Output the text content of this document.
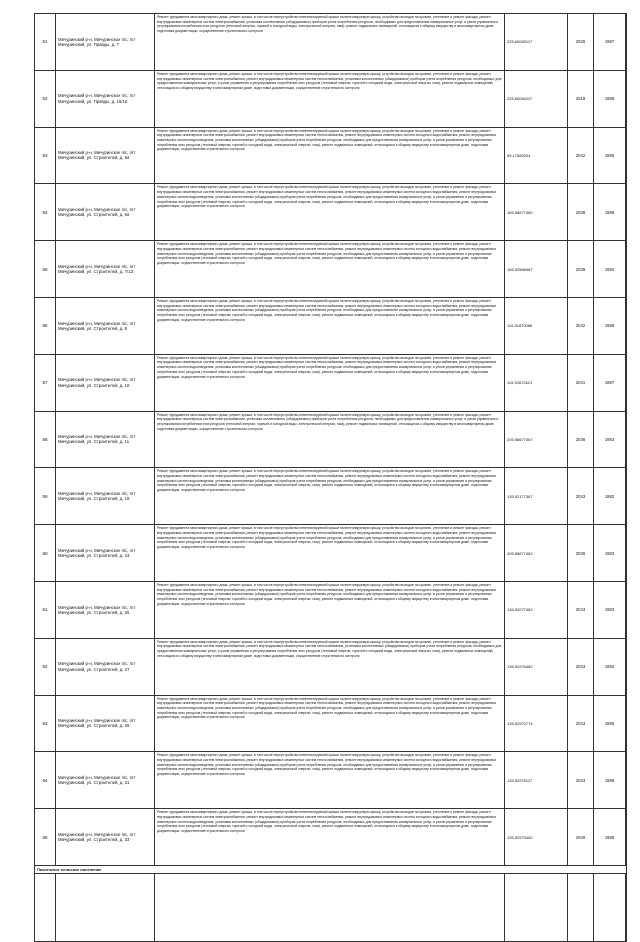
51	Мичуринский р-н, Мичуринское п/с, пгт Мичуринский, ул. Правды, д. 7	Ремонт фундамента многоквартирного дома, ремонт крыши, в том числе переустройство невентилируемой крыши на вентилируемую крышу, устройство выходов на кровлю, утепление и ремонт фасада, ремонт внутридомовых инженерных систем электроснабжения, установка коллективных (общедомовых) приборов учета потребления ресурсов, необходимых для предоставления коммунальных услуг, и узлов управления и регулирования потребления этих ресурсов (тепловой энергии, горячей и холодной воды, электрической энергии, газа), ремонт подвальных помещений, относящихся к общему имуществу в многоквартирном доме, подготовка документации, осуществление строительного контроля	225,60083117	2026	1987	
52	Мичуринский р-н, Мичуринское п/с, пгт Мичуринский, ул. Правды, д. 15/10	Ремонт фундамента многоквартирного дома, ремонт крыши, в том числе переустройство невентилируемой крыши на вентилируемую крышу, устройство выходов на кровлю, утепление и ремонт фасада, ремонт внутридомовых инженерных систем электроснабжения, ремонт внутридомовых инженерных систем теплоснабжения, установка коллективных (общедомовых) приборов учета потребления ресурсов, необходимых для предоставления коммунальных услуг, и узлов управления и регулирования потребления этих ресурсов (тепловой энергии, горячей и холодной воды, электрической энергии, газа), ремонт подвальных помещений, относящихся к общему имуществу в многоквартирном доме, подготовка документации, осуществление строительного контроля	225,60084117	2018	1986	
53	Мичуринский р-н, Мичуринское п/с, пгт Мичуринский, ул. Строителей, д. 5а	Ремонт фундамента многоквартирного дома, ремонт крыши, в том числе переустройство невентилируемой крыши на вентилируемую крышу, устройство выходов на кровлю, утепление и ремонт фасада, ремонт внутридомовых инженерных систем электроснабжения, ремонт внутридомовых инженерных систем теплоснабжения, ремонт внутридомовых инженерных систем холодного водоснабжения, ремонт внутридомовых инженерных систем водоотведения, установка коллективных (общедомовых) приборов учета потребления ресурсов, необходимых для предоставления коммунальных услуг, и узлов управления и регулирования потребления этих ресурсов (тепловой энергии, горячей и холодной воды, электрической энергии, газа), ремонт подвальных помещений, относящихся к общему имуществу в многоквартирном доме, подготовка документации, осуществление строительного контроля	95,17680004	2042	1985	
54	Мичуринский р-н, Мичуринское п/с, пгт Мичуринский, ул. Строителей, д. 6а	Ремонт фундамента многоквартирного дома, ремонт крыши, в том числе переустройство невентилируемой крыши на вентилируемую крышу, устройство выходов на кровлю, утепление и ремонт фасада, ремонт внутридомовых инженерных систем электроснабжения, ремонт внутридомовых инженерных систем теплоснабжения, ремонт внутридомовых инженерных систем холодного водоснабжения, ремонт внутридомовых инженерных систем водоотведения, установка коллективных (общедомовых) приборов учета потребления ресурсов, необходимых для предоставления коммунальных услуг, и узлов управления и регулирования потребления этих ресурсов (тепловой энергии, горячей и холодной воды, электрической энергии, газа), ремонт подвальных помещений, относящихся к общему имуществу в многоквартирном доме, подготовка документации, осуществление строительного контроля	165,58677480	2036	1989	
55	Мичуринский р-н, Мичуринское п/с, пгт Мичуринский, ул. Строителей, д. 7/13	Ремонт фундамента многоквартирного дома, ремонт крыши, в том числе переустройство невентилируемой крыши на вентилируемую крышу, устройство выходов на кровлю, утепление и ремонт фасада, ремонт внутридомовых инженерных систем электроснабжения, ремонт внутридомовых инженерных систем теплоснабжения, ремонт внутридомовых инженерных систем холодного водоснабжения, ремонт внутридомовых инженерных систем водоотведения, установка коллективных (общедомовых) приборов учета потребления ресурсов, необходимых для предоставления коммунальных услуг, и узлов управления и регулирования потребления этих ресурсов (тепловой энергии, горячей и холодной воды, электрической энергии, газа), ремонт подвальных помещений, относящихся к общему имуществу в многоквартирном доме, подготовка документации, осуществление строительного контроля	165,52586987	2039	1984	
56	Мичуринский р-н, Мичуринское п/с, пгт Мичуринский, ул. Строителей, д. 8	Ремонт фундамента многоквартирного дома, ремонт крыши, в том числе переустройство невентилируемой крыши на вентилируемую крышу, устройство выходов на кровлю, утепление и ремонт фасада, ремонт внутридомовых инженерных систем электроснабжения, ремонт внутридомовых инженерных систем теплоснабжения, ремонт внутридомовых инженерных систем холодного водоснабжения, ремонт внутридомовых инженерных систем водоотведения, установка коллективных (общедомовых) приборов учета потребления ресурсов, необходимых для предоставления коммунальных услуг, и узлов управления и регулирования потребления этих ресурсов (тепловой энергии, горячей и холодной воды, электрической энергии, газа), ремонт подвальных помещений, относящихся к общему имуществу в многоквартирном доме, подготовка документации, осуществление строительного контроля	115,51870086	2042	1986	
57	Мичуринский р-н, Мичуринское п/с, пгт Мичуринский, ул. Строителей, д. 10	Ремонт фундамента многоквартирного дома, ремонт крыши, в том числе переустройство невентилируемой крыши на вентилируемую крышу, устройство выходов на кровлю, утепление и ремонт фасада, ремонт внутридомовых инженерных систем электроснабжения, ремонт внутридомовых инженерных систем теплоснабжения, ремонт внутридомовых инженерных систем холодного водоснабжения, ремонт внутридомовых инженерных систем водоотведения, установка коллективных (общедомовых) приборов учета потребления ресурсов, необходимых для предоставления коммунальных услуг, и узлов управления и регулирования потребления этих ресурсов (тепловой энергии, горячей и холодной воды, электрической энергии, газа), ремонт подвальных помещений, относящихся к общему имуществу в многоквартирном доме, подготовка документации, осуществление строительного контроля	115,52672621	2041	1987	
58	Мичуринский р-н, Мичуринское п/с, пгт Мичуринский, ул. Строителей, д. 11	Ремонт фундамента многоквартирного дома, ремонт крыши, в том числе переустройство невентилируемой крыши на вентилируемую крышу, устройство выходов на кровлю, утепление и ремонт фасада, ремонт внутридомовых инженерных систем электроснабжения, установка коллективных (общедомовых) приборов учета потребления ресурсов, необходимых для предоставления коммунальных услуг, и узлов управления и регулирования потребления этих ресурсов (тепловой энергии, горячей и холодной воды, электрической энергии, газа), ремонт подвальных помещений, относящихся к общему имуществу в многоквартирном доме, подготовка документации, осуществление строительного контроля	205,58677367	2036	1983	
59	Мичуринский р-н, Мичуринское п/с, пгт Мичуринский, ул. Строителей, д. 19	Ремонт фундамента многоквартирного дома, ремонт крыши, в том числе переустройство невентилируемой крыши на вентилируемую крышу, устройство выходов на кровлю, утепление и ремонт фасада, ремонт внутридомовых инженерных систем электроснабжения, ремонт внутридомовых инженерных систем теплоснабжения, ремонт внутридомовых инженерных систем холодного водоснабжения, ремонт внутридомовых инженерных систем водоотведения, установка коллективных (общедомовых) приборов учета потребления ресурсов, необходимых для предоставления коммунальных услуг, и узлов управления и регулирования потребления этих ресурсов (тепловой энергии, горячей и холодной воды, электрической энергии, газа), ремонт подвальных помещений, относящихся к общему имуществу в многоквартирном доме, подготовка документации, осуществление строительного контроля	135,52177367	2043	1982	
60	Мичуринский р-н, Мичуринское п/с, пгт Мичуринский, ул. Строителей, д. 23	Ремонт фундамента многоквартирного дома, ремонт крыши, в том числе переустройство невентилируемой крыши на вентилируемую крышу, устройство выходов на кровлю, утепление и ремонт фасада, ремонт внутридомовых инженерных систем электроснабжения, ремонт внутридомовых инженерных систем теплоснабжения, ремонт внутридомовых инженерных систем холодного водоснабжения, ремонт внутридомовых инженерных систем водоотведения, установка коллективных (общедомовых) приборов учета потребления ресурсов, необходимых для предоставления коммунальных услуг, и узлов управления и регулирования потребления этих ресурсов (тепловой энергии, горячей и холодной воды, электрической энергии, газа), ремонт подвальных помещений, относящихся к общему имуществу в многоквартирном доме, подготовка документации, осуществление строительного контроля	205,58677482	2036	1983	
61	Мичуринский р-н, Мичуринское п/с, пгт Мичуринский, ул. Строителей, д. 25	Ремонт фундамента многоквартирного дома, ремонт крыши, в том числе переустройство невентилируемой крыши на вентилируемую крышу, устройство выходов на кровлю, утепление и ремонт фасада, ремонт внутридомовых инженерных систем электроснабжения, ремонт внутридомовых инженерных систем теплоснабжения, ремонт внутридомовых инженерных систем холодного водоснабжения, ремонт внутридомовых инженерных систем водоотведения, установка коллективных (общедомовых) приборов учета потребления ресурсов, необходимых для предоставления коммунальных услуг, и узлов управления и регулирования потребления этих ресурсов (тепловой энергии, горячей и холодной воды, электрической энергии, газа), ремонт подвальных помещений, относящихся к общему имуществу в многоквартирном доме, подготовка документации, осуществление строительного контроля	135,52077482	2043	1983	
62	Мичуринский р-н, Мичуринское п/с, пгт Мичуринский, ул. Строителей, д. 27	Ремонт фундамента многоквартирного дома, ремонт крыши, в том числе переустройство невентилируемой крыши на вентилируемую крышу, устройство выходов на кровлю, утепление и ремонт фасада, ремонт внутридомовых инженерных систем электроснабжения, ремонт внутридомовых инженерных систем теплоснабжения, установка коллективных (общедомовых) приборов учета потребления ресурсов, необходимых для предоставления коммунальных услуг, и узлов управления и регулирования потребления этих ресурсов (тепловой энергии, горячей и холодной воды, электрической энергии, газа), ремонт подвальных помещений, относящихся к общему имуществу в многоквартирном доме, подготовка документации, осуществление строительного контроля	135,52976482	2043	1984	
63	Мичуринский р-н, Мичуринское п/с, пгт Мичуринский, ул. Строителей, д. 29	Ремонт фундамента многоквартирного дома, ремонт крыши, в том числе переустройство невентилируемой крыши на вентилируемую крышу, устройство выходов на кровлю, утепление и ремонт фасада, ремонт внутридомовых инженерных систем электроснабжения, ремонт внутридомовых инженерных систем теплоснабжения, ремонт внутридомовых инженерных систем холодного водоснабжения, ремонт внутридомовых инженерных систем водоотведения, установка коллективных (общедомовых) приборов учета потребления ресурсов, необходимых для предоставления коммунальных услуг, и узлов управления и регулирования потребления этих ресурсов (тепловой энергии, горячей и холодной воды, электрической энергии, газа), ремонт подвальных помещений, относящихся к общему имуществу в многоквартирном доме, подготовка документации, осуществление строительного контроля	135,52970774	2043	1985	
64	Мичуринский р-н, Мичуринское п/с, пгт Мичуринский, ул. Строителей, д. 31	Ремонт фундамента многоквартирного дома, ремонт крыши, в том числе переустройство невентилируемой крыши на вентилируемую крышу, устройство выходов на кровлю, утепление и ремонт фасада, ремонт внутридомовых инженерных систем электроснабжения, ремонт внутридомовых инженерных систем теплоснабжения, ремонт внутридомовых инженерных систем холодного водоснабжения, ремонт внутридомовых инженерных систем водоотведения, установка коллективных (общедомовых) приборов учета потребления ресурсов, необходимых для предоставления коммунальных услуг, и узлов управления и регулирования потребления этих ресурсов (тепловой энергии, горячей и холодной воды, электрической энергии, газа), ремонт подвальных помещений, относящихся к общему имуществу в многоквартирном доме, подготовка документации, осуществление строительного контроля	135,52976117	2043	1985	
65	Мичуринский р-н, Мичуринское п/с, пгт Мичуринский, ул. Строителей, д. 33	Ремонт фундамента многоквартирного дома, ремонт крыши, в том числе переустройство невентилируемой крыши на вентилируемую крышу, устройство выходов на кровлю, утепление и ремонт фасада, ремонт внутридомовых инженерных систем электроснабжения, ремонт внутридомовых инженерных систем теплоснабжения, ремонт внутридомовых инженерных систем холодного водоснабжения, ремонт внутридомовых инженерных систем водоотведения, установка коллективных (общедомовых) приборов учета потребления ресурсов, необходимых для предоставления коммунальных услуг, и узлов управления и регулирования потребления этих ресурсов (тепловой энергии, горячей и холодной воды, электрической энергии, газа), ремонт подвальных помещений, относящихся к общему имуществу в многоквартирном доме, подготовка документации, осуществление строительного контроля	135,52975462	2040	1985	
Пахотнское сельское поселение						
